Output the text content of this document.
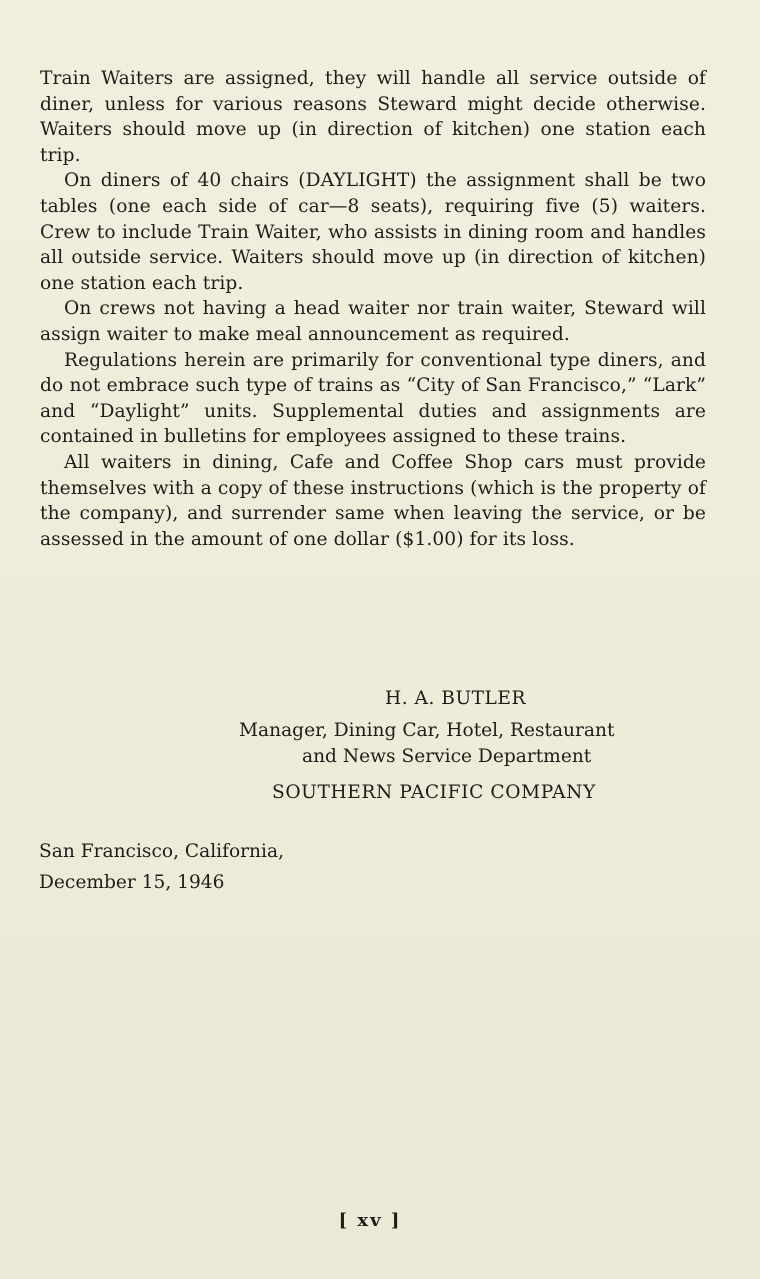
Train Waiters are assigned, they will handle all service outside of diner, unless for various reasons Steward might decide otherwise. Waiters should move up (in direction of kitchen) one station each trip.

On diners of 40 chairs (DAYLIGHT) the assignment shall be two tables (one each side of car—8 seats), requiring five (5) waiters. Crew to include Train Waiter, who assists in dining room and handles all outside service. Waiters should move up (in direction of kitchen) one station each trip.

On crews not having a head waiter nor train waiter, Steward will assign waiter to make meal announcement as required.

Regulations herein are primarily for conventional type diners, and do not embrace such type of trains as “City of San Francisco,” “Lark” and “Daylight” units. Supplemental duties and assignments are contained in bulletins for employees assigned to these trains.

All waiters in dining, Cafe and Coffee Shop cars must provide themselves with a copy of these instructions (which is the property of the company), and surrender same when leaving the service, or be assessed in the amount of one dollar ($1.00) for its loss.

H. A. BUTLER
Manager, Dining Car, Hotel, Restaurant
and News Service Department
SOUTHERN PACIFIC COMPANY
San Francisco, California,
December 15, 1946
[ xv ]
